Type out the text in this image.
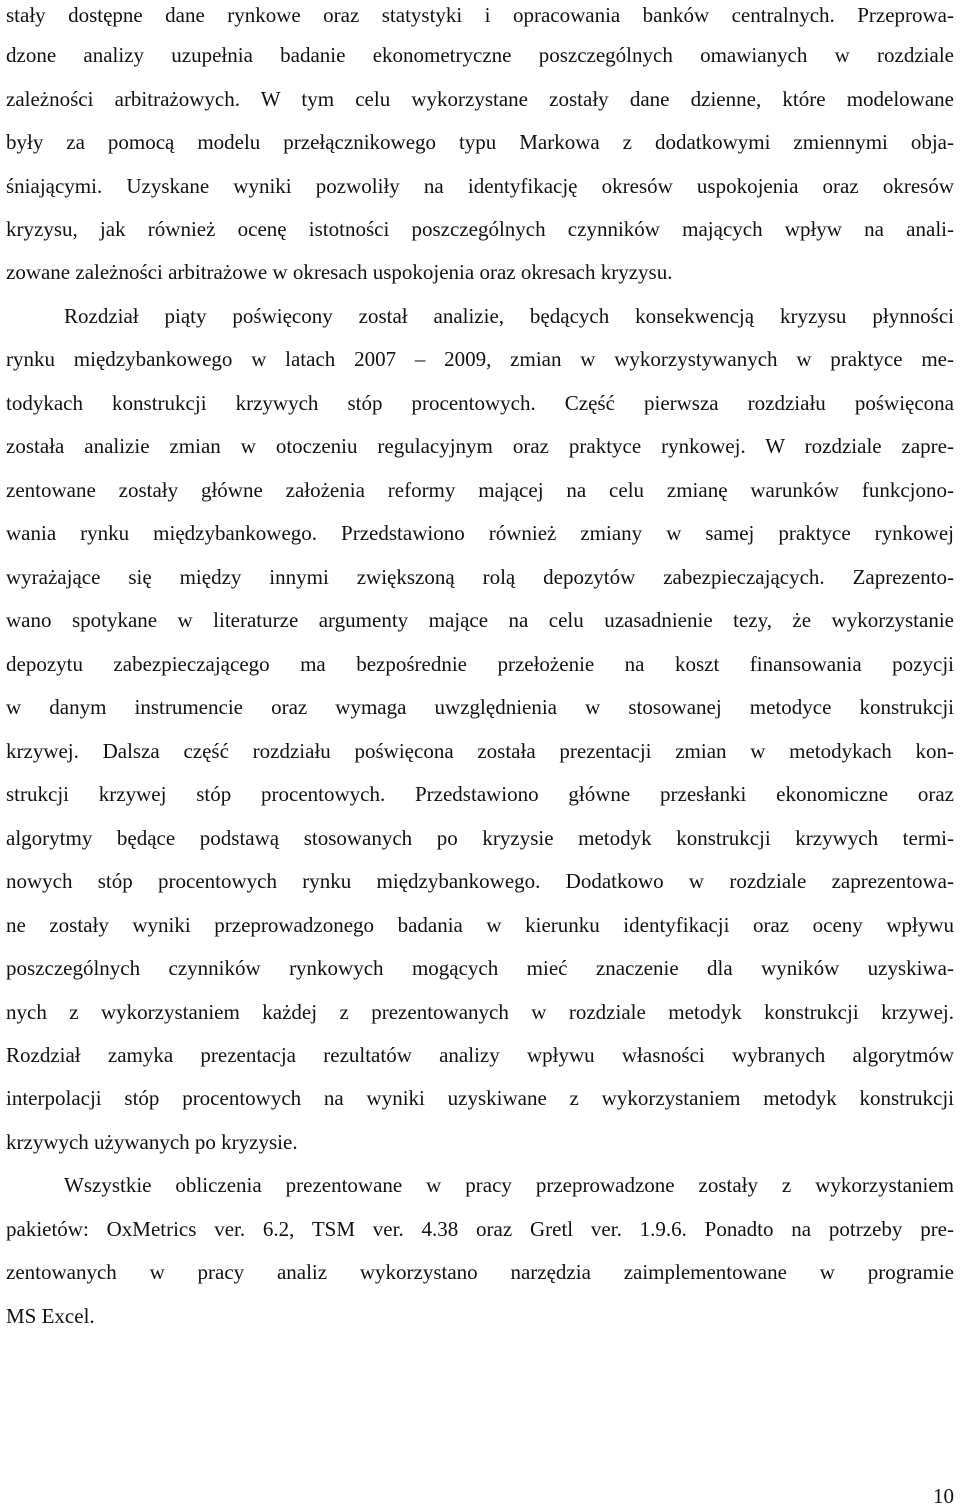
stały dostępne dane rynkowe oraz statystyki i opracowania banków centralnych. Przeprowa-
dzone analizy uzupełnia badanie ekonometryczne poszczególnych omawianych w rozdziale
zależności arbitrażowych. W tym celu wykorzystane zostały dane dzienne, które modelowane
były za pomocą modelu przełącznikowego typu Markowa z dodatkowymi zmiennymi obja-
śniającymi. Uzyskane wyniki pozwoliły na identyfikację okresów uspokojenia oraz okresów
kryzysu, jak również ocenę istotności poszczególnych czynników mających wpływ na anali-
zowane zależności arbitrażowe w okresach uspokojenia oraz okresach kryzysu.
Rozdział piąty poświęcony został analizie, będących konsekwencją kryzysu płynności
rynku międzybankowego w latach 2007 – 2009, zmian w wykorzystywanych w praktyce me-
todykach konstrukcji krzywych stóp procentowych. Część pierwsza rozdziału poświęcona
została analizie zmian w otoczeniu regulacyjnym oraz praktyce rynkowej. W rozdziale zapre-
zentowane zostały główne założenia reformy mającej na celu zmianę warunków funkcjono-
wania rynku międzybankowego. Przedstawiono również zmiany w samej praktyce rynkowej
wyrażające się między innymi zwiększoną rolą depozytów zabezpieczających. Zaprezento-
wano spotykane w literaturze argumenty mające na celu uzasadnienie tezy, że wykorzystanie
depozytu zabezpieczającego ma bezpośrednie przełożenie na koszt finansowania pozycji
w danym instrumencie oraz wymaga uwzględnienia w stosowanej metodyce konstrukcji
krzywej. Dalsza część rozdziału poświęcona została prezentacji zmian w metodykach kon-
strukcji krzywej stóp procentowych. Przedstawiono główne przesłanki ekonomiczne oraz
algorytmy będące podstawą stosowanych po kryzysie metodyk konstrukcji krzywych termi-
nowych stóp procentowych rynku międzybankowego. Dodatkowo w rozdziale zaprezentowa-
ne zostały wyniki przeprowadzonego badania w kierunku identyfikacji oraz oceny wpływu
poszczególnych czynników rynkowych mogących mieć znaczenie dla wyników uzyskiwa-
nych z wykorzystaniem każdej z prezentowanych w rozdziale metodyk konstrukcji krzywej.
Rozdział zamyka prezentacja rezultatów analizy wpływu własności wybranych algorytmów
interpolacji stóp procentowych na wyniki uzyskiwane z wykorzystaniem metodyk konstrukcji
krzywych używanych po kryzysie.
Wszystkie obliczenia prezentowane w pracy przeprowadzone zostały z wykorzystaniem
pakietów: OxMetrics ver. 6.2, TSM ver. 4.38 oraz Gretl ver. 1.9.6. Ponadto na potrzeby pre-
zentowanych w pracy analiz wykorzystano narzędzia zaimplementowane w programie
MS Excel.
10
